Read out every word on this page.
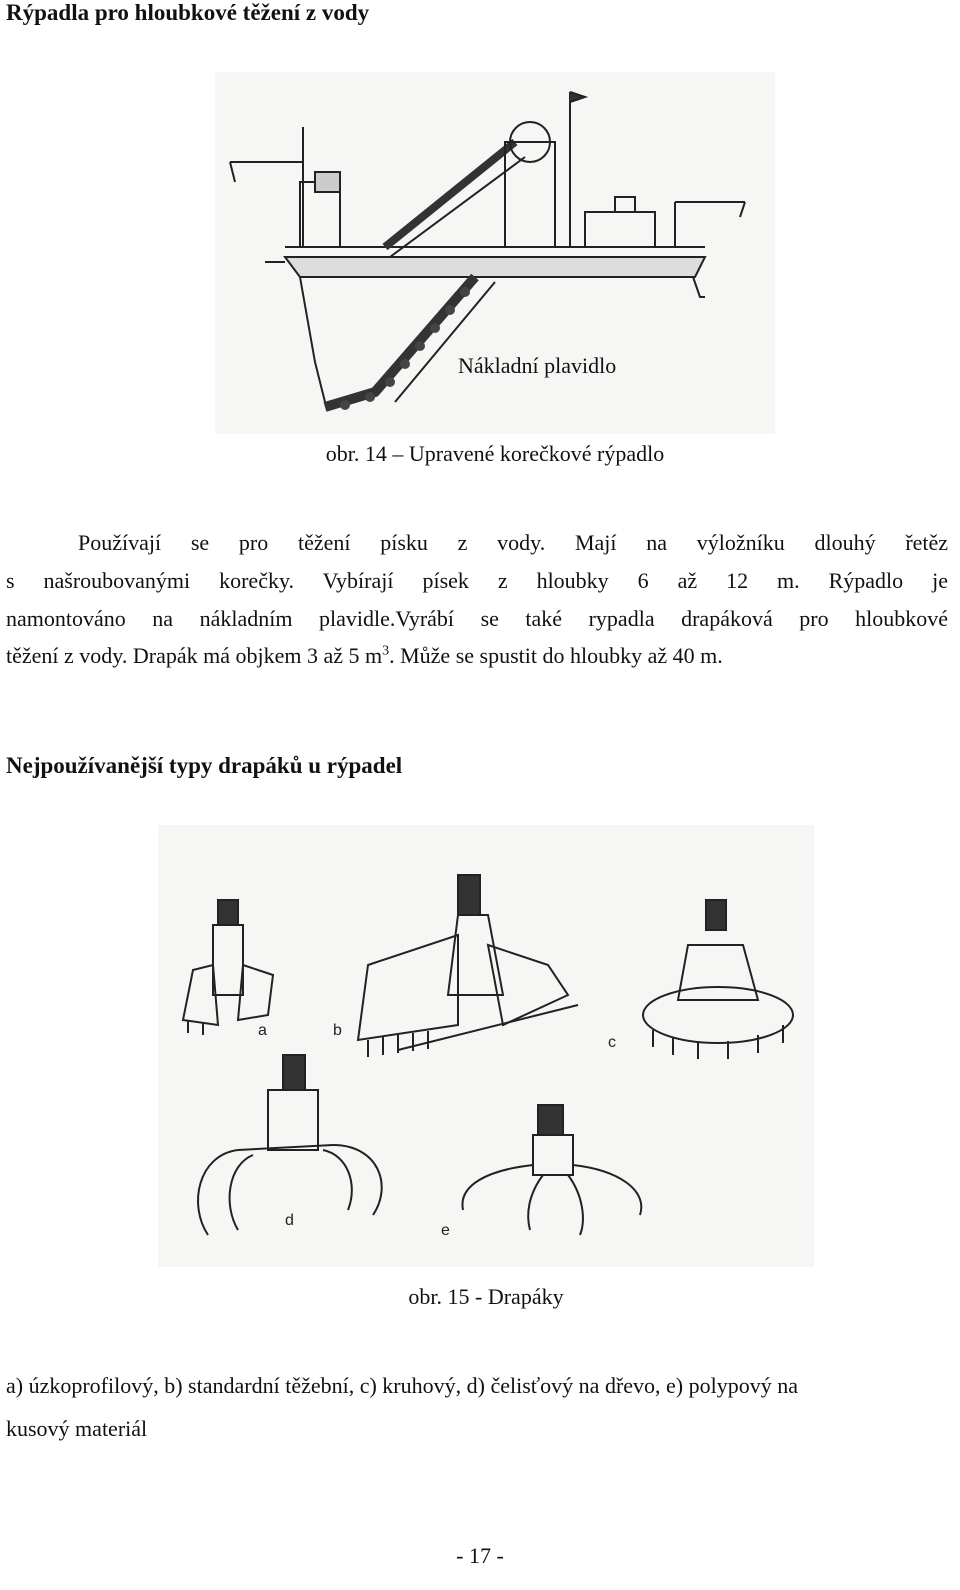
Rýpadla pro hloubkové těžení z vody
Nákladní plavidlo
obr. 14 – Upravené korečkové rýpadlo
Používají se pro těžení písku z vody. Mají na výložníku dlouhý řetěz
s našroubovanými korečky. Vybírají písek z hloubky 6 až 12 m. Rýpadlo je
namontováno na nákladním plavidle.Vyrábí se také rypadla drapáková pro hloubkové
těžení z vody. Drapák má objkem 3 až 5 $m^3$. Může se spustit do hloubky až 40 m.
Nejpoužívanější typy drapáků u rýpadel
a	b
c
d
e
obr. 15 - Drapáky
a) úzkoprofilový, b) standardní těžební, c) kruhový, d) čelisťový na dřevo, e) polypový na
kusový materiál
- 17 -
